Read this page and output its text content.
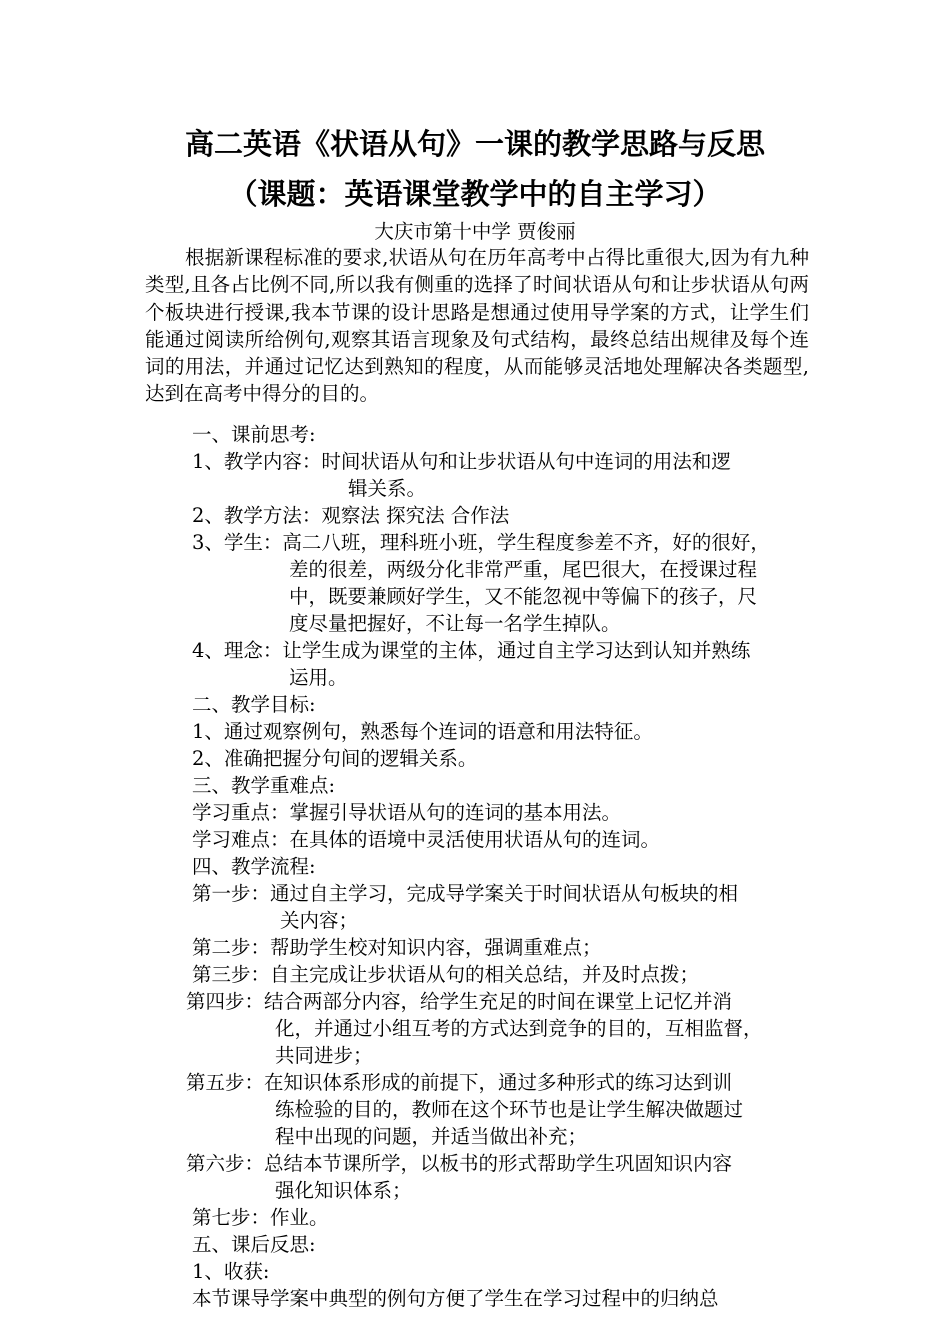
高二英语《状语从句》一课的教学思路与反思
（课题：英语课堂教学中的自主学习）
大庆市第十中学 贾俊丽
根据新课程标准的要求,状语从句在历年高考中占得比重很大,因为有九种类型,且各占比例不同,所以我有侧重的选择了时间状语从句和让步状语从句两个板块进行授课,我本节课的设计思路是想通过使用导学案的方式，让学生们能通过阅读所给例句,观察其语言现象及句式结构，最终总结出规律及每个连词的用法，并通过记忆达到熟知的程度，从而能够灵活地处理解决各类题型,达到在高考中得分的目的。
一、课前思考:
1、教学内容：时间状语从句和让步状语从句中连词的用法和逻
辑关系。
2、教学方法：观察法 探究法 合作法
3、学生：高二八班，理科班小班，学生程度参差不齐，好的很好，
差的很差，两级分化非常严重，尾巴很大，在授课过程
中，既要兼顾好学生，又不能忽视中等偏下的孩子，尺
度尽量把握好，不让每一名学生掉队。
4、理念：让学生成为课堂的主体，通过自主学习达到认知并熟练
运用。
二、教学目标:
1、通过观察例句，熟悉每个连词的语意和用法特征。
2、准确把握分句间的逻辑关系。
三、教学重难点:
学习重点：掌握引导状语从句的连词的基本用法。
学习难点：在具体的语境中灵活使用状语从句的连词。
四、教学流程:
第一步：通过自主学习，完成导学案关于时间状语从句板块的相
关内容；
第二步：帮助学生校对知识内容，强调重难点；
第三步：自主完成让步状语从句的相关总结，并及时点拨；
第四步：结合两部分内容，给学生充足的时间在课堂上记忆并消
化，并通过小组互考的方式达到竞争的目的，互相监督，
共同进步；
第五步：在知识体系形成的前提下，通过多种形式的练习达到训
练检验的目的，教师在这个环节也是让学生解决做题过
程中出现的问题，并适当做出补充；
第六步：总结本节课所学，以板书的形式帮助学生巩固知识内容
强化知识体系；
第七步：作业。
五、课后反思:
1、收获:
本节课导学案中典型的例句方便了学生在学习过程中的归纳总
